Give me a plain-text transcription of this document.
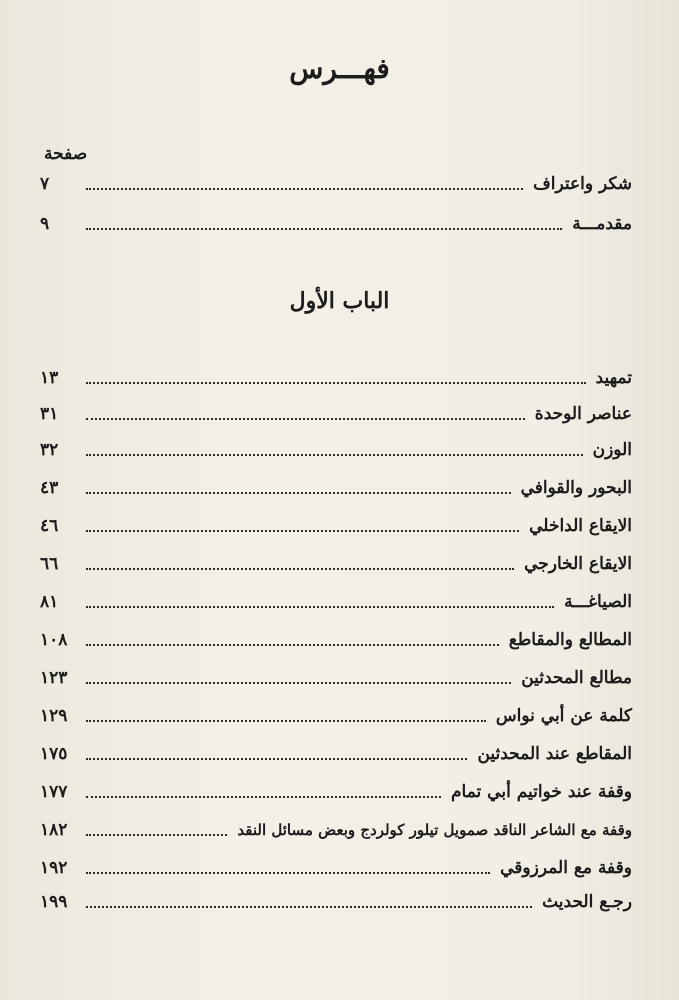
فهـــرس
صفحة
شكر واعتراف
٧
مقدمـــة
٩
الباب الأول
تمهيد
١٣
عناصر الوحدة
٣١
الوزن
٣٢
البحور والقوافي
٤٣
الايقاع الداخلي
٤٦
الايقاع الخارجي
٦٦
الصياغـــة
٨١
المطالع والمقاطع
١٠٨
مطالع المحدثين
١٢٣
كلمة عن أبي نواس
١٢٩
المقاطع عند المحدثين
١٧٥
وقفة عند خواتيم أبي تمام
١٧٧
وقفة مع الشاعر الناقد صمويل تيلور كولردج وبعض مسائل النقد
١٨٢
وقفة مع المرزوقي
١٩٢
رجـع الحديث
١٩٩
